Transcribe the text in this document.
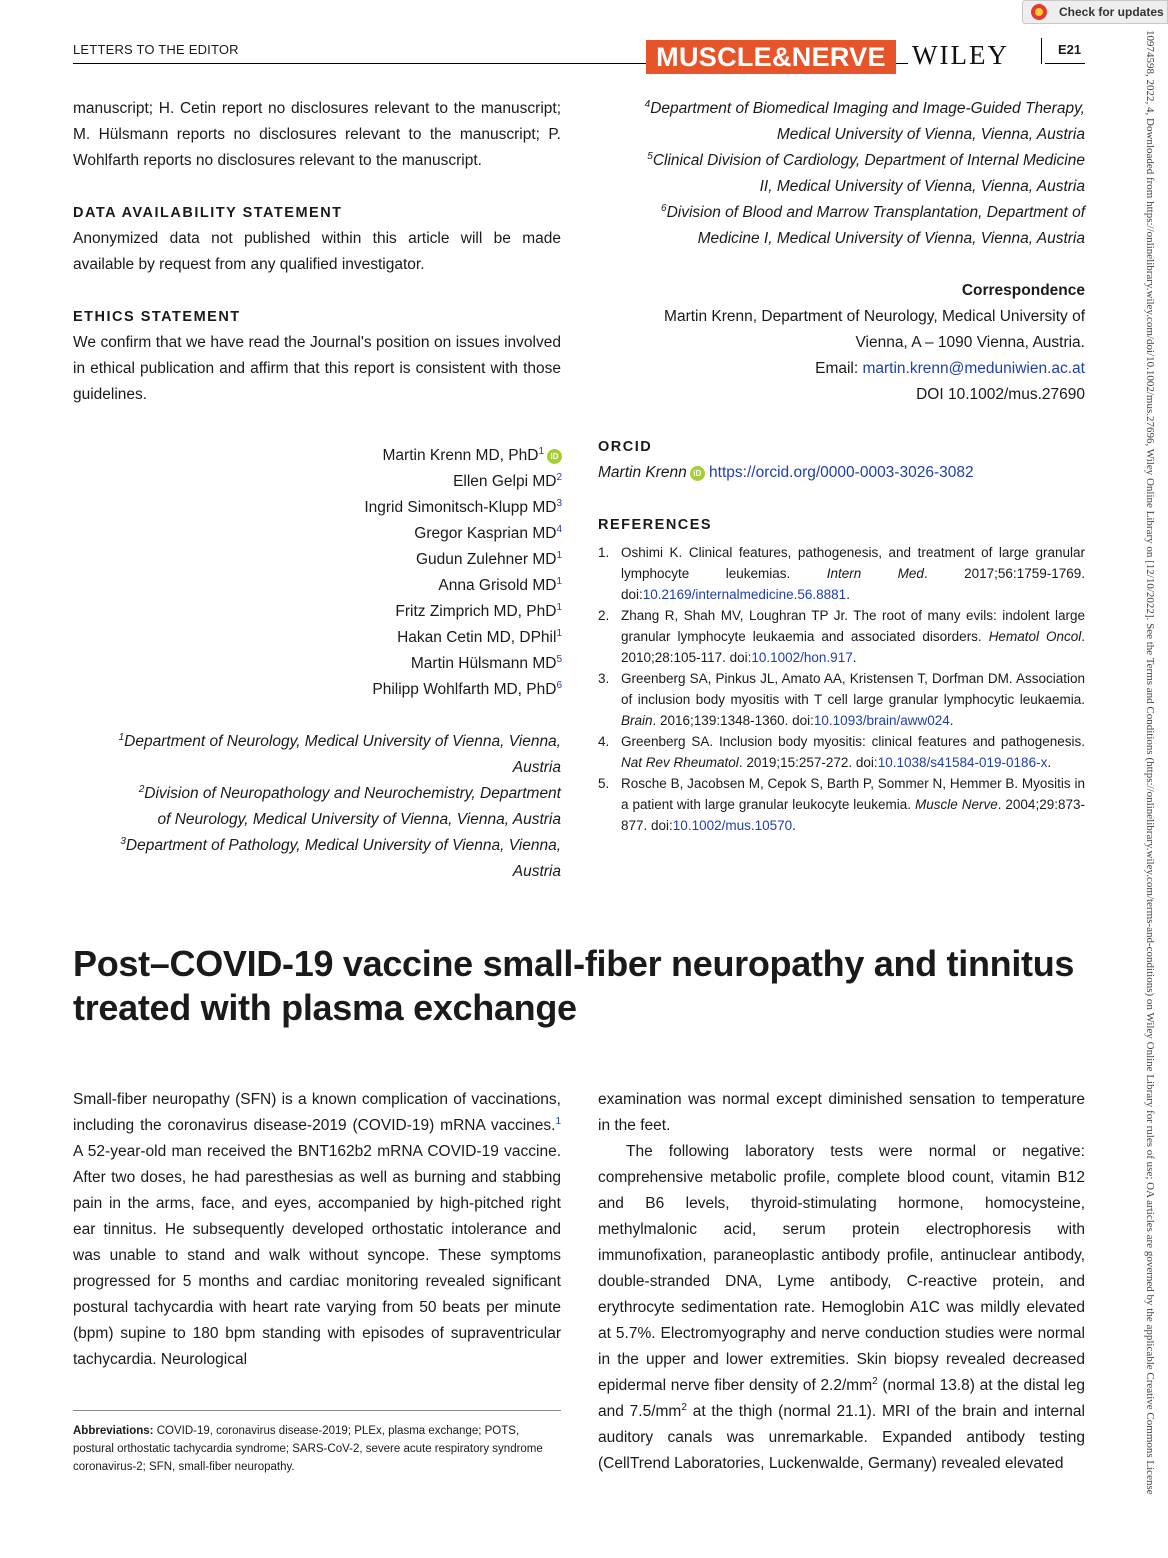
Check for updates
LETTERS TO THE EDITOR	MUSCLE&NERVE WILEY	E21	10974598, 2022, 4, Downloaded from https://onlinelibrary.wiley.com/doi/10.1002/mus.27696, Wiley Online Library on [12/10/2022]. See the Terms and Conditions (https://onlinelibrary.wiley.com/terms-and-conditions) on Wiley Online Library for rules of use; OA articles are governed by the applicable Creative Commons License
manuscript; H. Cetin report no disclosures relevant to the manuscript; M. Hülsmann reports no disclosures relevant to the manuscript; P. Wohlfarth reports no disclosures relevant to the manuscript.
DATA AVAILABILITY STATEMENT
Anonymized data not published within this article will be made available by request from any qualified investigator.
ETHICS STATEMENT
We confirm that we have read the Journal's position on issues involved in ethical publication and affirm that this report is consistent with those guidelines.
Martin Krenn MD, PhD$^1$ iD
Ellen Gelpi $MD^2$
Ingrid Simonitsch-Klupp $MD^3$
Gregor Kasprian $MD^4$
Gudun Zulehner $MD^1$
Anna Grisold $MD^1$
Fritz Zimprich MD, PhD$^1$
Hakan Cetin MD, DPhil$^1$
Martin Hülsmann $MD^5$
Philipp Wohlfarth MD, PhD$^6$
$^1$Department of Neurology, Medical University of Vienna, Vienna, Austria
$^2$Division of Neuropathology and Neurochemistry, Department of Neurology, Medical University of Vienna, Vienna, Austria
$^3$Department of Pathology, Medical University of Vienna, Vienna, Austria
$^4$Department of Biomedical Imaging and Image-Guided Therapy, Medical University of Vienna, Vienna, Austria
$^5$Clinical Division of Cardiology, Department of Internal Medicine II, Medical University of Vienna, Vienna, Austria
$^6$Division of Blood and Marrow Transplantation, Department of Medicine I, Medical University of Vienna, Vienna, Austria
Correspondence
Martin Krenn, Department of Neurology, Medical University of
Vienna, A – 1090 Vienna, Austria.
Email: martin.krenn@meduniwien.ac.at
DOI 10.1002/mus.27690
ORCID
Martin Krenn iD https://orcid.org/0000-0003-3026-3082
REFERENCES
1. Oshimi K. Clinical features, pathogenesis, and treatment of large granular lymphocyte leukemias. Intern Med. 2017;56:1759-1769. doi:10.2169/internalmedicine.56.8881.
2. Zhang R, Shah MV, Loughran TP Jr. The root of many evils: indolent large granular lymphocyte leukaemia and associated disorders. Hematol Oncol. 2010;28:105-117. doi:10.1002/hon.917.
3. Greenberg SA, Pinkus JL, Amato AA, Kristensen T, Dorfman DM. Association of inclusion body myositis with T cell large granular lymphocytic leukaemia. Brain. 2016;139:1348-1360. doi:10.1093/brain/aww024.
4. Greenberg SA. Inclusion body myositis: clinical features and pathogenesis. Nat Rev Rheumatol. 2019;15:257-272. doi:10.1038/s41584-019-0186-x.
5. Rosche B, Jacobsen M, Cepok S, Barth P, Sommer N, Hemmer B. Myositis in a patient with large granular leukocyte leukemia. Muscle Nerve. 2004;29:873-877. doi:10.1002/mus.10570.
Post–COVID-19 vaccine small-fiber neuropathy and tinnitus treated with plasma exchange
Small-fiber neuropathy (SFN) is a known complication of vaccinations, including the coronavirus disease-2019 (COVID-19) mRNA vaccines.$^1$ A 52-year-old man received the BNT162b2 mRNA COVID-19 vaccine. After two doses, he had paresthesias as well as burning and stabbing pain in the arms, face, and eyes, accompanied by high-pitched right ear tinnitus. He subsequently developed orthostatic intolerance and was unable to stand and walk without syncope. These symptoms progressed for 5 months and cardiac monitoring revealed significant postural tachycardia with heart rate varying from 50 beats per minute (bpm) supine to 180 bpm standing with episodes of supraventricular tachycardia. Neurological
Abbreviations: COVID-19, coronavirus disease-2019; PLEx, plasma exchange; POTS, postural orthostatic tachycardia syndrome; SARS-CoV-2, severe acute respiratory syndrome coronavirus-2; SFN, small-fiber neuropathy.
examination was normal except diminished sensation to temperature in the feet.
The following laboratory tests were normal or negative: comprehensive metabolic profile, complete blood count, vitamin B12 and B6 levels, thyroid-stimulating hormone, homocysteine, methylmalonic acid, serum protein electrophoresis with immunofixation, paraneoplastic antibody profile, antinuclear antibody, double-stranded DNA, Lyme antibody, C-reactive protein, and erythrocyte sedimentation rate. Hemoglobin A1C was mildly elevated at 5.7%. Electromyography and nerve conduction studies were normal in the upper and lower extremities. Skin biopsy revealed decreased epidermal nerve fiber density of $2.2/mm^2$ (normal 13.8) at the distal leg and $7.5/mm^2$ at the thigh (normal 21.1). MRI of the brain and internal auditory canals was unremarkable. Expanded antibody testing (CellTrend Laboratories, Luckenwalde, Germany) revealed elevated
